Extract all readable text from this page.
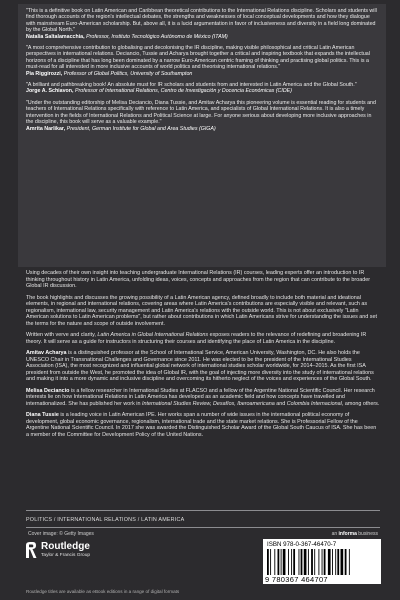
"This is a definitive book on Latin American and Caribbean theoretical contributions to the International Relations discipline. Scholars and students will find thorough accounts of the region's intellectual debates, the strengths and weaknesses of local conceptual developments and how they dialogue with mainstream Euro-American scholarship. But, above all, it is a lucid argumentation in favor of inclusiveness and diversity in a field long dominated by the Global North."

Natalia Saltalamacchia, Professor, Instituto Tecnológico Autónomo de México (ITAM)

"A most comprehensive contribution to globalising and decolonising the IR discipline, making visible philosophical and critical Latin American perspectives in international relations. Deciancio, Tussie and Acharya brought together a critical and inspiring textbook that expands the intellectual horizons of a discipline that has long been dominated by a narrow Euro-American centric framing of thinking and practising global politics. This is a must-read for all interested in more inclusive accounts of world politics and theorising international relations."

Pia Riggirozzi, Professor of Global Politics, University of Southampton

"A brilliant and pathbreaking book! An absolute must for IR scholars and students from and interested in Latin America and the Global South."

Jorge A. Schiavon, Professor of International Relations, Centro de Investigación y Docencia Económicas (CIDE)

"Under the outstanding editorship of Melisa Deciancio, Diana Tussie, and Amitav Acharya this pioneering volume is essential reading for students and teachers of International Relations specifically with reference to Latin America, and specialists of Global International Relations. It is also a timely intervention in the fields of International Relations and Political Science at large. For anyone serious about developing more inclusive approaches in the discipline, this book will serve as a valuable example."

Amrita Narlikar, President, German Institute for Global and Area Studies (GIGA)

Using decades of their own insight into teaching undergraduate International Relations (IR) courses, leading experts offer an introduction to IR thinking throughout history in Latin America, unfolding ideas, voices, concepts and approaches from the region that can contribute to the broader Global IR discussion.

The book highlights and discusses the growing possibility of a Latin American agency, defined broadly to include both material and ideational elements, in regional and international relations, covering areas where Latin America's contributions are especially visible and relevant, such as regionalism, international law, security management and Latin America's relations with the outside world. This is not about exclusively "Latin American solutions to Latin American problems", but rather about contributions in which Latin Americans strive for understanding the issues and set the terms for the nature and scope of outside involvement.

Written with verve and clarity, Latin America in Global International Relations exposes readers to the relevance of redefining and broadening IR theory. It will serve as a guide for instructors in structuring their courses and identifying the place of Latin America in the discipline.

Amitav Acharya is a distinguished professor at the School of International Service, American University, Washington, DC. He also holds the UNESCO Chair in Transnational Challenges and Governance since 2011. He was elected to be the president of the International Studies Association (ISA), the most recognized and influential global network of international studies scholar worldwide, for 2014–2015. As the first ISA president from outside the West, he promoted the idea of Global IR, with the goal of injecting more diversity into the study of international relations and making it into a more dynamic and inclusive discipline and overcoming its hitherto neglect of the voices and experiences of the Global South.

Melisa Deciancio is a fellow researcher in International Studies at FLACSO and a fellow of the Argentine National Scientific Council. Her research interests lie on how International Relations in Latin America has developed as an academic field and how concepts have travelled and internationalized. She has published her work in International Studies Review, Desafíos, Iberoamericana and Colombia Internacional, among others.

Diana Tussie is a leading voice in Latin American IPE. Her works span a number of wide issues in the international political economy of development, global economic governance, regionalism, international trade and the state market relations. She is Professorial Fellow of the Argentine National Scientific Council. In 2017 she was awarded the Distinguished Scholar Award of the Global South Caucus of ISA. She has been a member of the Committee for Development Policy of the United Nations.

POLITICS / INTERNATIONAL RELATIONS / LATIN AMERICA
Cover image: © Getty Images	an informa business
Routledge
Taylor & Francis Group
ISBN 978-0-367-46470-7
9 780367 464707
Routledge titles are available as eBook editions in a range of digital formats
